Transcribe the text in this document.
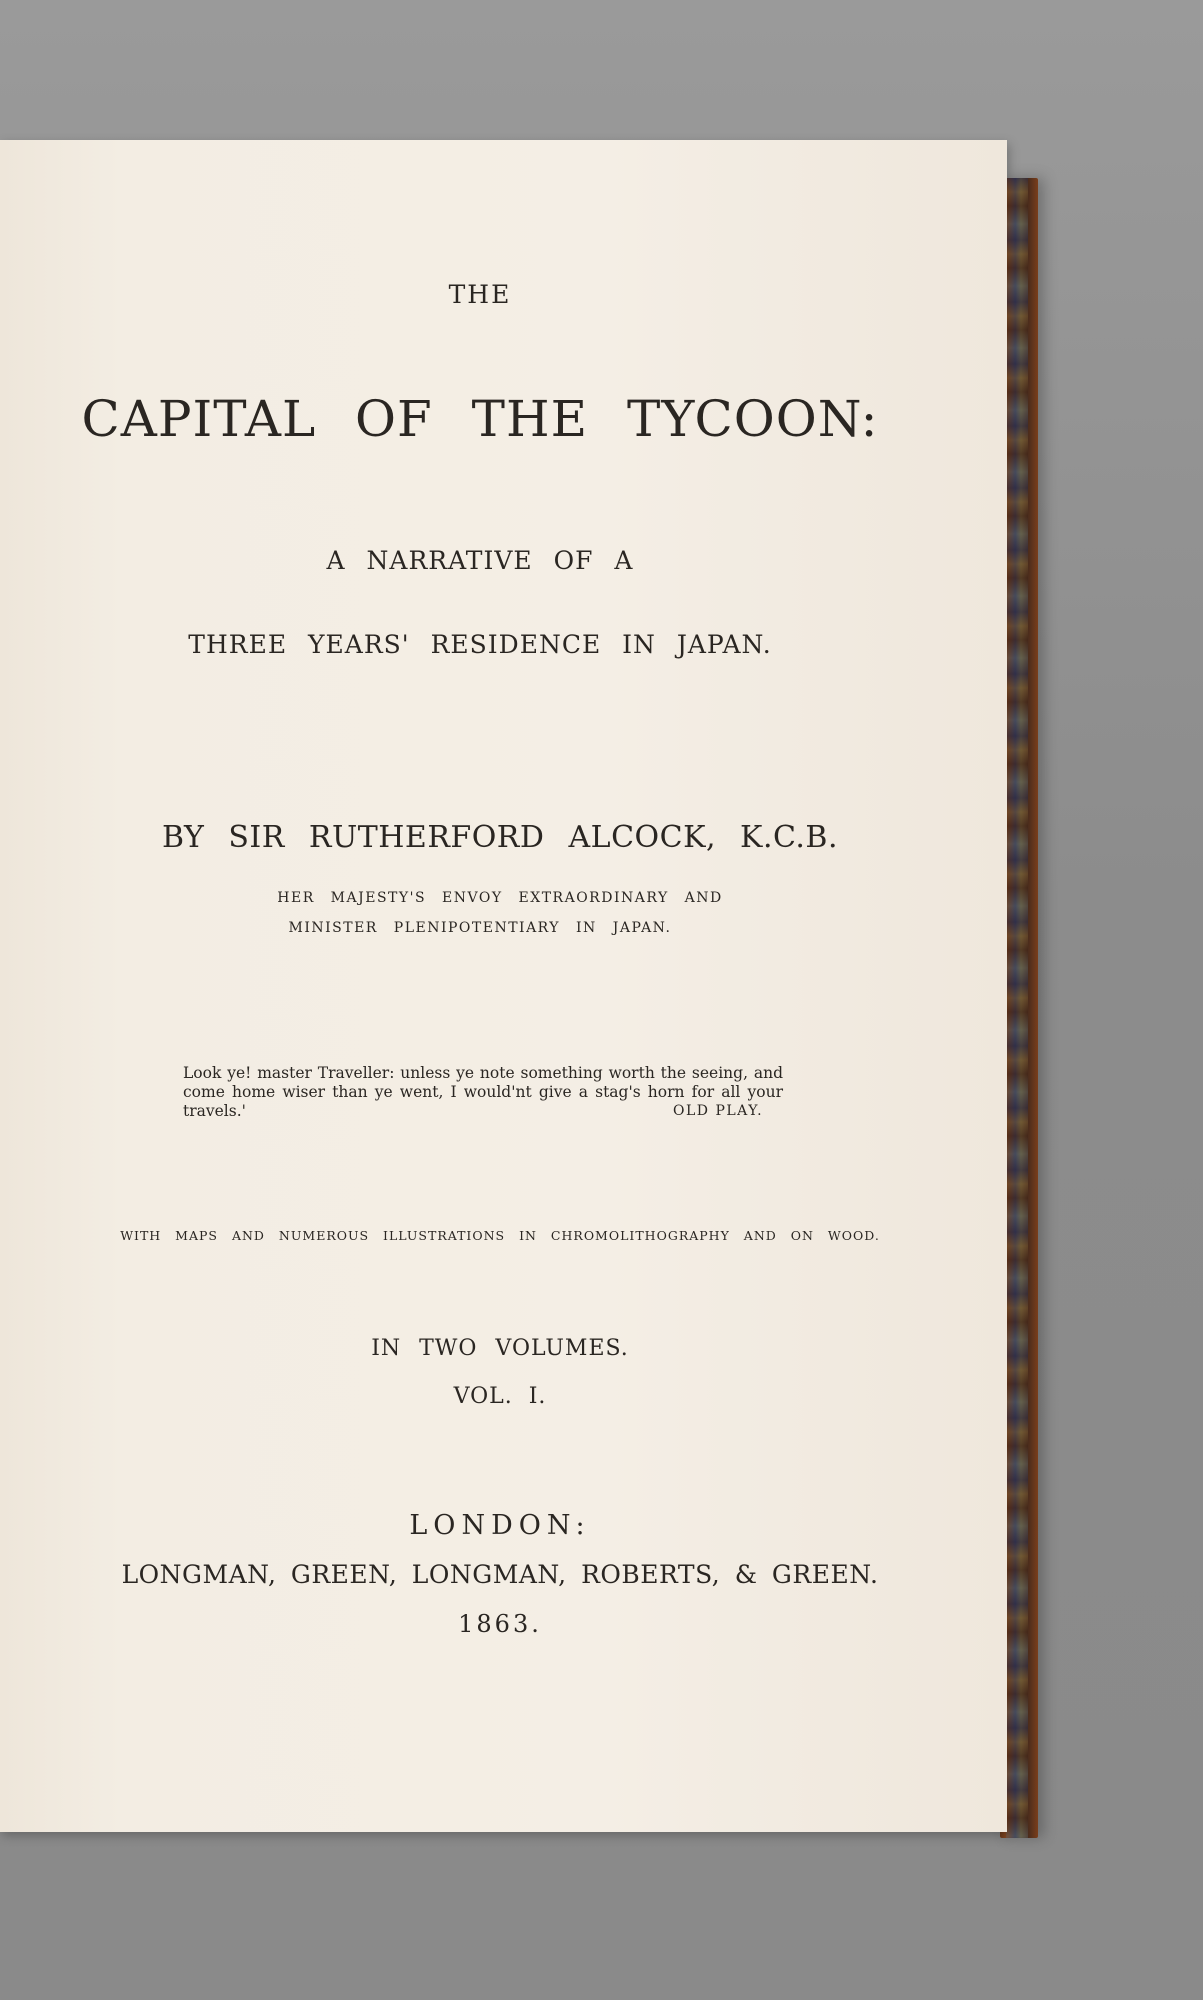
THE

CAPITAL OF THE TYCOON:

A NARRATIVE OF A

THREE YEARS' RESIDENCE IN JAPAN.

BY SIR RUTHERFORD ALCOCK, K.C.B.

HER MAJESTY'S ENVOY EXTRAORDINARY AND

MINISTER PLENIPOTENTIARY IN JAPAN.

Look ye! master Traveller: unless ye note something worth the seeing, and come home wiser than ye went, I would'nt give a stag's horn for all your travels.'	OLD PLAY.

WITH MAPS AND NUMEROUS ILLUSTRATIONS IN CHROMOLITHOGRAPHY AND ON WOOD.

IN TWO VOLUMES.

VOL. I.

LONDON:

LONGMAN, GREEN, LONGMAN, ROBERTS, & GREEN.

1863.
